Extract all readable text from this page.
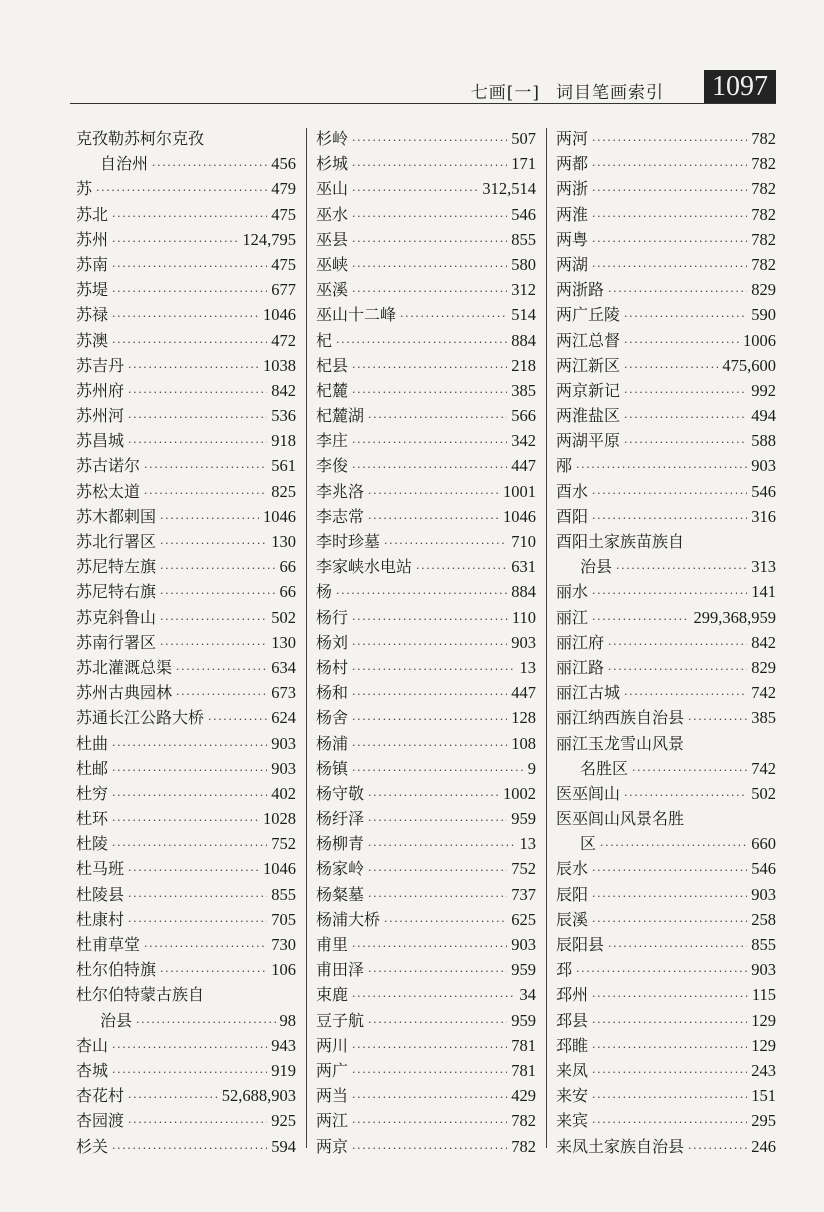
七画[一] 词目笔画索引 1097
克孜勒苏柯尔克孜
自治州 ·····	456
苏 ·····	479
苏北 ·····	475
苏州 ·····	124,795
苏南 ·····	475
苏堤 ·····	677
苏禄 ·····	1046
苏澳 ·····	472
苏吉丹 ·····	1038
苏州府 ·····	842
苏州河 ·····	536
苏昌城 ·····	918
苏古诺尔 ·····	561
苏松太道 ·····	825
苏木都剌国 ·····	1046
苏北行署区 ·····	130
苏尼特左旗 ·····	66
苏尼特右旗 ·····	66
苏克斜鲁山 ·····	502
苏南行署区 ·····	130
苏北灌溉总渠 ·····	634
苏州古典园林 ·····	673
苏通长江公路大桥 ·····	624
杜曲 ·····	903
杜邮 ·····	903
杜穷 ·····	402
杜环 ·····	1028
杜陵 ·····	752
杜马班 ·····	1046
杜陵县 ·····	855
杜康村 ·····	705
杜甫草堂 ·····	730
杜尔伯特旗 ·····	106
杜尔伯特蒙古族自
治县 ·····	98
杏山 ·····	943
杏城 ·····	919
杏花村 ·····	52,688,903
杏园渡 ·····	925
杉关 ·····	594
杉岭 ·····	507
杉城 ·····	171
巫山 ·····	312,514
巫水 ·····	546
巫县 ·····	855
巫峡 ·····	580
巫溪 ·····	312
巫山十二峰 ·····	514
杞 ·····	884
杞县 ·····	218
杞麓 ·····	385
杞麓湖 ·····	566
李庄 ·····	342
李俊 ·····	447
李兆洛 ·····	1001
李志常 ·····	1046
李时珍墓 ·····	710
李家峡水电站 ·····	631
杨 ·····	884
杨行 ·····	110
杨刘 ·····	903
杨村 ·····	13
杨和 ·····	447
杨舍 ·····	128
杨浦 ·····	108
杨镇 ·····	9
杨守敬 ·····	1002
杨纡泽 ·····	959
杨柳青 ·····	13
杨家岭 ·····	752
杨粲墓 ·····	737
杨浦大桥 ·····	625
甫里 ·····	903
甫田泽 ·····	959
束鹿 ·····	34
豆子航 ·····	959
两川 ·····	781
两广 ·····	781
两当 ·····	429
两江 ·····	782
两京 ·····	782
两河 ·····	782
两都 ·····	782
两浙 ·····	782
两淮 ·····	782
两粤 ·····	782
两湖 ·····	782
两浙路 ·····	829
两广丘陵 ·····	590
两江总督 ·····	1006
两江新区 ·····	475,600
两京新记 ·····	992
两淮盐区 ·····	494
两湖平原 ·····	588
邴 ·····	903
酉水 ·····	546
酉阳 ·····	316
酉阳土家族苗族自
治县 ·····	313
丽水 ·····	141
丽江 ·····	299,368,959
丽江府 ·····	842
丽江路 ·····	829
丽江古城 ·····	742
丽江纳西族自治县 ·····	385
丽江玉龙雪山风景
名胜区 ·····	742
医巫闾山 ·····	502
医巫闾山风景名胜
区 ·····	660
辰水 ·····	546
辰阳 ·····	903
辰溪 ·····	258
辰阳县 ·····	855
邳 ·····	903
邳州 ·····	115
邳县 ·····	129
邳睢 ·····	129
来凤 ·····	243
来安 ·····	151
来宾 ·····	295
来凤土家族自治县 ·····	246
